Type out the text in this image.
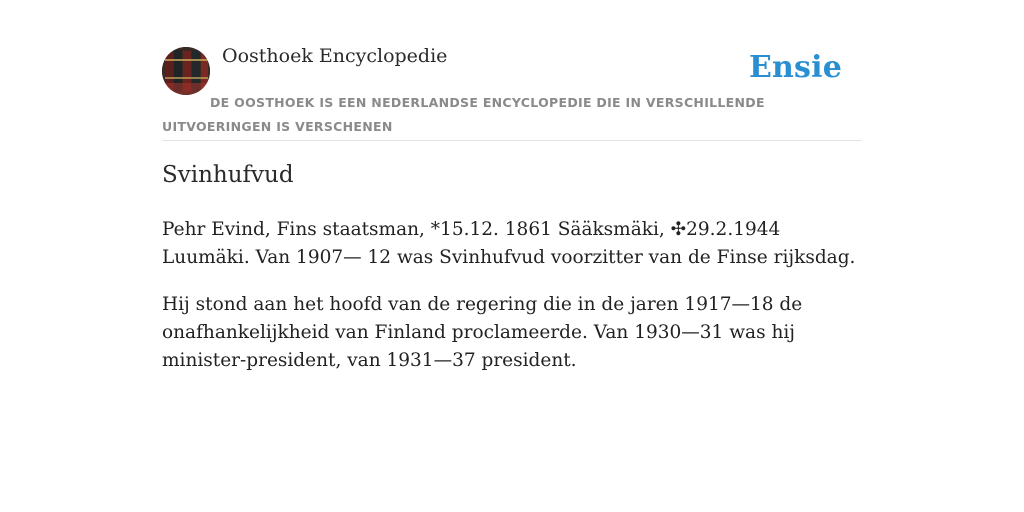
Oosthoek Encyclopedie	Ensie
DE OOSTHOEK IS EEN NEDERLANDSE ENCYCLOPEDIE DIE IN VERSCHILLENDE UITVOERINGEN IS VERSCHENEN
Svinhufvud

Pehr Evind, Fins staatsman, *15.12. 1861 Sääksmäki, ✣29.2.1944 Luumäki. Van 1907— 12 was Svinhufvud voorzitter van de Finse rijksdag.

Hij stond aan het hoofd van de regering die in de jaren 1917—18 de onafhankelijkheid van Finland proclameerde. Van 1930—31 was hij minister-president, van 1931—37 president.
